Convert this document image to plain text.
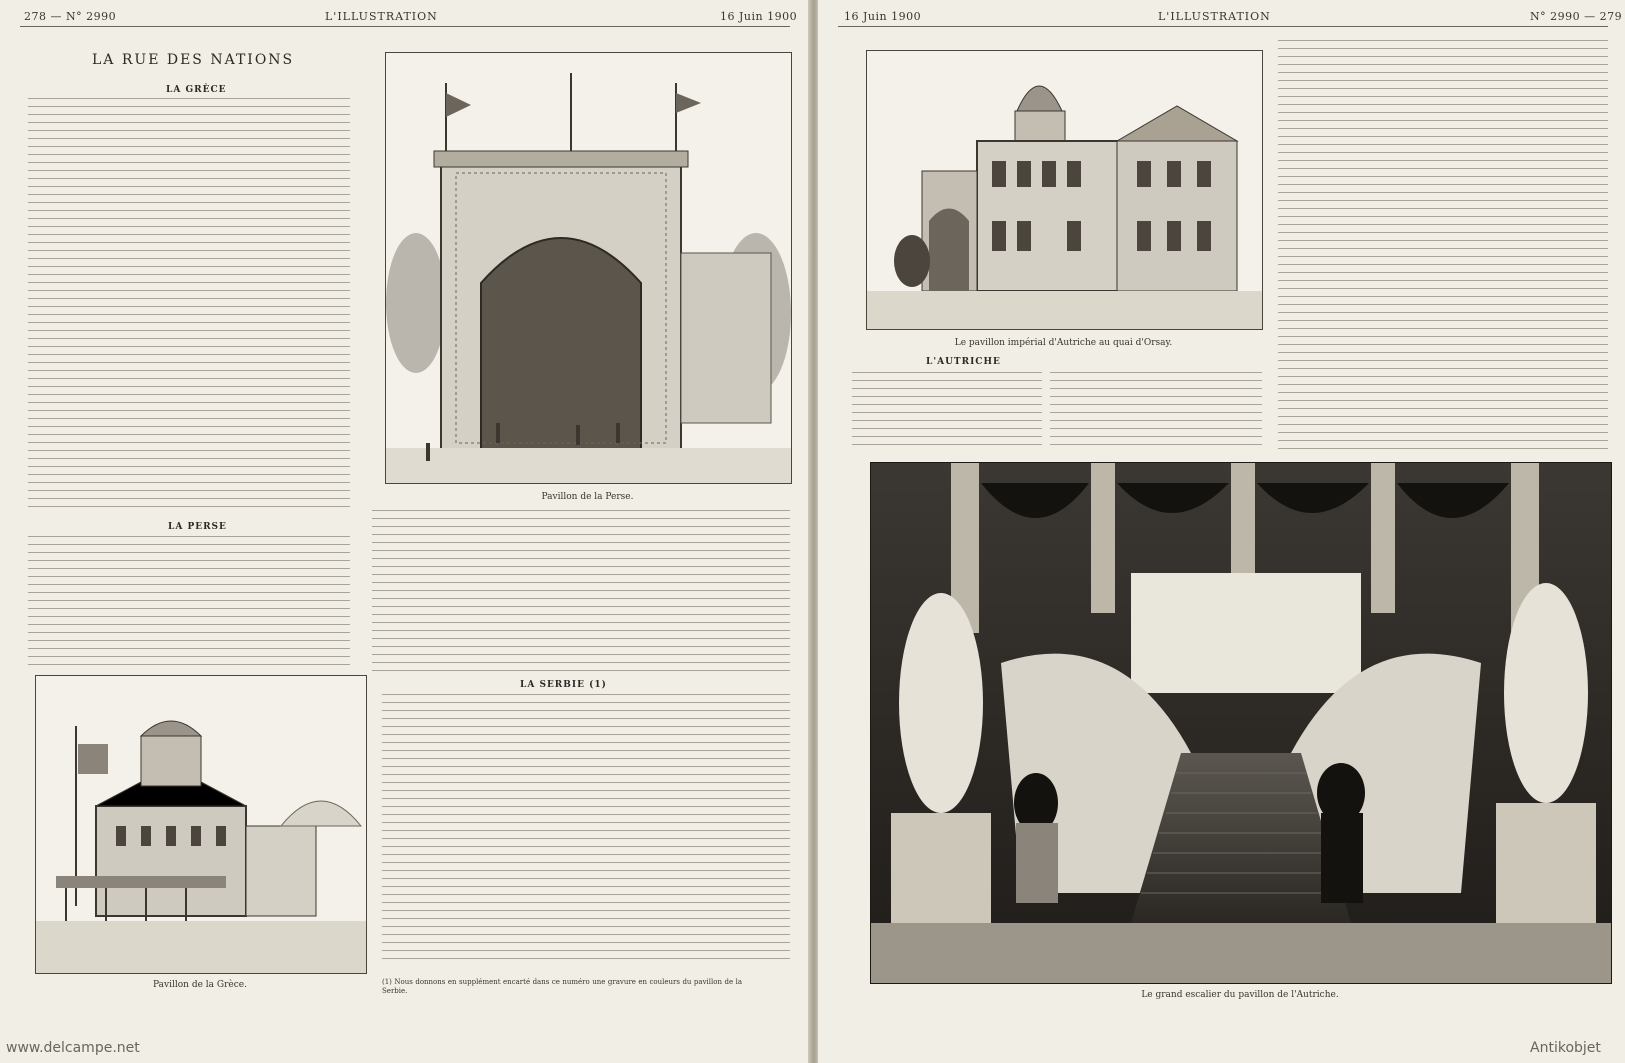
278 — N° 2990	L'ILLUSTRATION	16 Juin 1900
LA RUE DES NATIONS
LA GRÈCE
LA PERSE
Pavillon de la Perse.
Pavillon de la Grèce.
LA SERBIE (1)
(1) Nous donnons en supplément encarté dans ce numéro une gravure en couleurs du pavillon de la Serbie.
www.delcampe.net
16 Juin 1900	L'ILLUSTRATION	N° 2990 — 279
Le pavillon impérial d'Autriche au quai d'Orsay.
L'AUTRICHE
Le grand escalier du pavillon de l'Autriche.
Antikobjet
